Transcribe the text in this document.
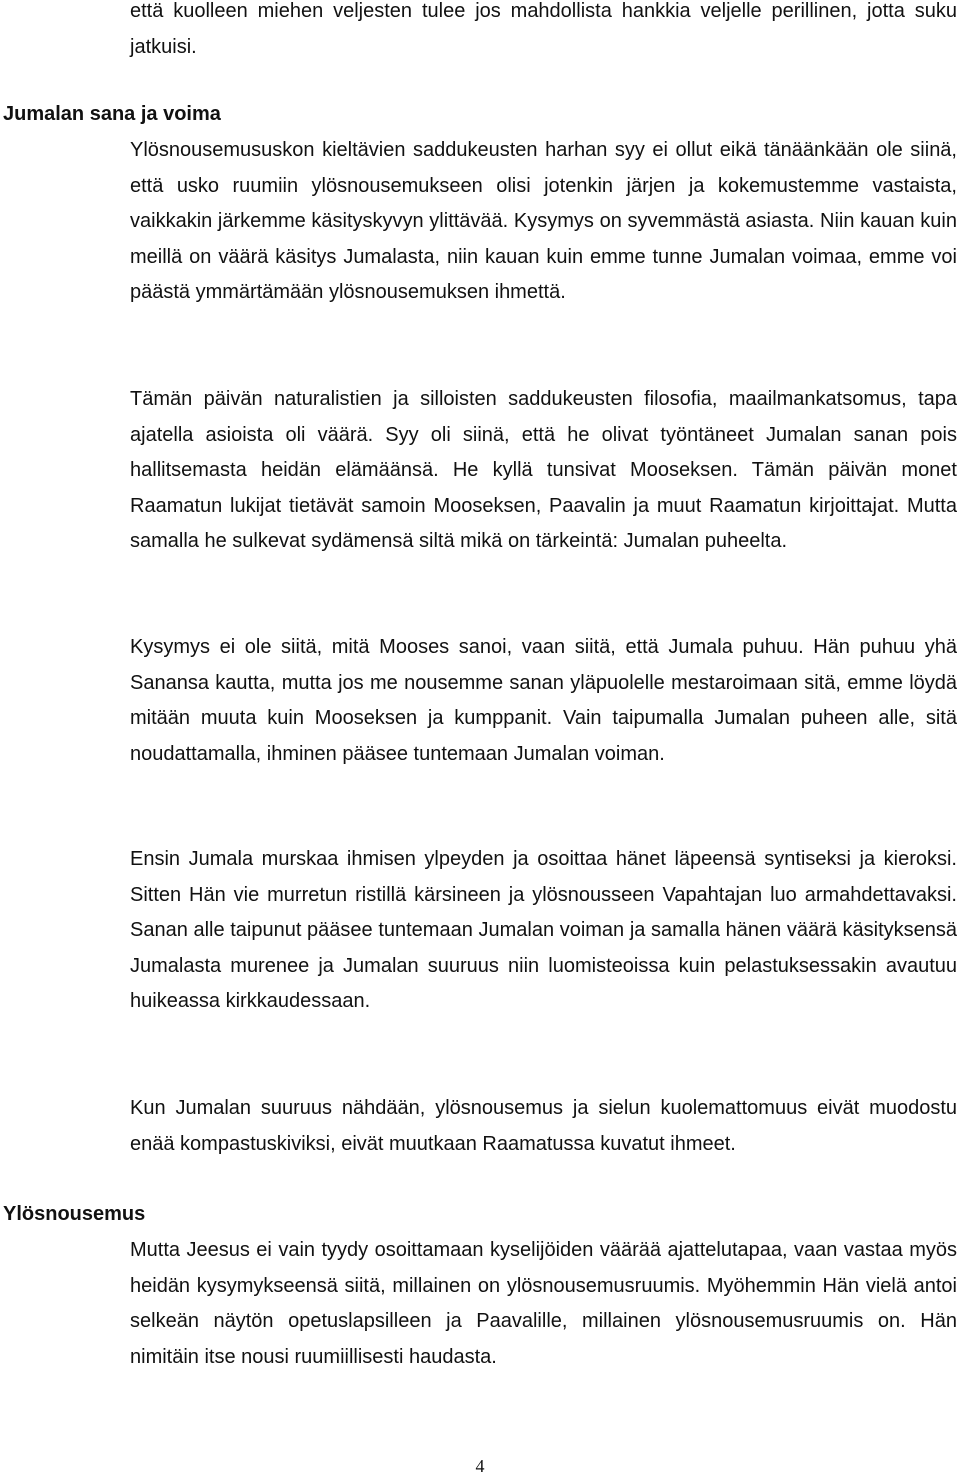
että kuolleen miehen veljesten tulee jos mahdollista hankkia veljelle perillinen, jotta suku jatkuisi.

Jumalan sana ja voima

Ylösnousemususkon kieltävien saddukeusten harhan syy ei ollut eikä tänäänkään ole siinä, että usko ruumiin ylösnousemukseen olisi jotenkin järjen ja kokemustemme vastaista, vaikkakin järkemme käsityskyvyn ylittävää. Kysymys on syvemmästä asiasta. Niin kauan kuin meillä on väärä käsitys Jumalasta, niin kauan kuin emme tunne Jumalan voimaa, emme voi päästä ymmärtämään ylösnousemuksen ihmettä.

Tämän päivän naturalistien ja silloisten saddukeusten filosofia, maailmankatsomus, tapa ajatella asioista oli väärä. Syy oli siinä, että he olivat työntäneet Jumalan sanan pois hallitsemasta heidän elämäänsä. He kyllä tunsivat Mooseksen. Tämän päivän monet Raamatun lukijat tietävät samoin Mooseksen, Paavalin ja muut Raamatun kirjoittajat. Mutta samalla he sulkevat sydämensä siltä mikä on tärkeintä: Jumalan puheelta.

Kysymys ei ole siitä, mitä Mooses sanoi, vaan siitä, että Jumala puhuu. Hän puhuu yhä Sanansa kautta, mutta jos me nousemme sanan yläpuolelle mestaroimaan sitä, emme löydä mitään muuta kuin Mooseksen ja kumppanit. Vain taipumalla Jumalan puheen alle, sitä noudattamalla, ihminen pääsee tuntemaan Jumalan voiman.

Ensin Jumala murskaa ihmisen ylpeyden ja osoittaa hänet läpeensä syntiseksi ja kieroksi. Sitten Hän vie murretun ristillä kärsineen ja ylösnousseen Vapahtajan luo armahdettavaksi. Sanan alle taipunut pääsee tuntemaan Jumalan voiman ja samalla hänen väärä käsityksensä Jumalasta murenee ja Jumalan suuruus niin luomisteoissa kuin pelastuksessakin avautuu huikeassa kirkkaudessaan.

Kun Jumalan suuruus nähdään, ylösnousemus ja sielun kuolemattomuus eivät muodostu enää kompastuskiviksi, eivät muutkaan Raamatussa kuvatut ihmeet.

Ylösnousemus

Mutta Jeesus ei vain tyydy osoittamaan kyselijöiden väärää ajattelutapaa, vaan vastaa myös heidän kysymykseensä siitä, millainen on ylösnousemusruumis. Myöhemmin Hän vielä antoi selkeän näytön opetuslapsilleen ja Paavalille, millainen ylösnousemusruumis on. Hän nimitäin itse nousi ruumiillisesti haudasta.

4
